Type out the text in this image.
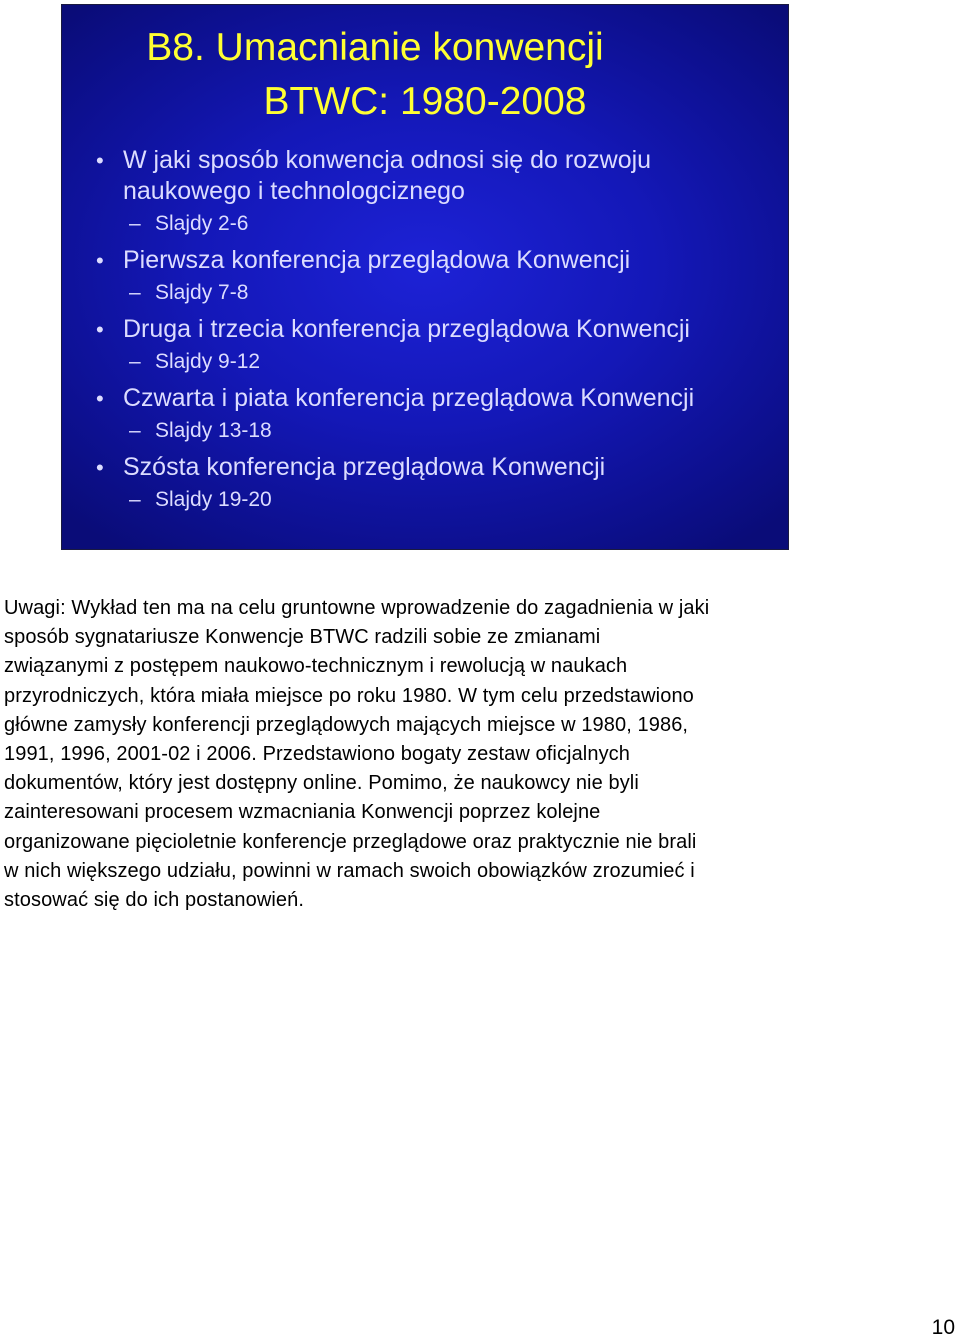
B8. Umacnianie konwencji
BTWC: 1980-2008
• W jaki sposób konwencja odnosi się do rozwoju
naukowego i technologciznego
– Slajdy 2-6
• Pierwsza konferencja przeglądowa Konwencji
– Slajdy 7-8
• Druga i trzecia konferencja przeglądowa Konwencji
– Slajdy 9-12
• Czwarta i piata konferencja przeglądowa Konwencji
– Slajdy 13-18
• Szósta konferencja przeglądowa Konwencji
– Slajdy 19-20

Uwagi: Wykład ten ma na celu gruntowne wprowadzenie do zagadnienia w jaki
sposób sygnatariusze Konwencje BTWC radzili sobie ze zmianami
związanymi z postępem naukowo-technicznym i rewolucją w naukach
przyrodniczych, która miała miejsce po roku 1980. W tym celu przedstawiono
główne zamysły konferencji przeglądowych mających miejsce w 1980, 1986,
1991, 1996, 2001-02 i 2006. Przedstawiono bogaty zestaw oficjalnych
dokumentów, który jest dostępny online. Pomimo, że naukowcy nie byli
zainteresowani procesem wzmacniania Konwencji poprzez kolejne
organizowane pięcioletnie konferencje przeglądowe oraz praktycznie nie brali
w nich większego udziału, powinni w ramach swoich obowiązków zrozumieć i
stosować się do ich postanowień.

10
